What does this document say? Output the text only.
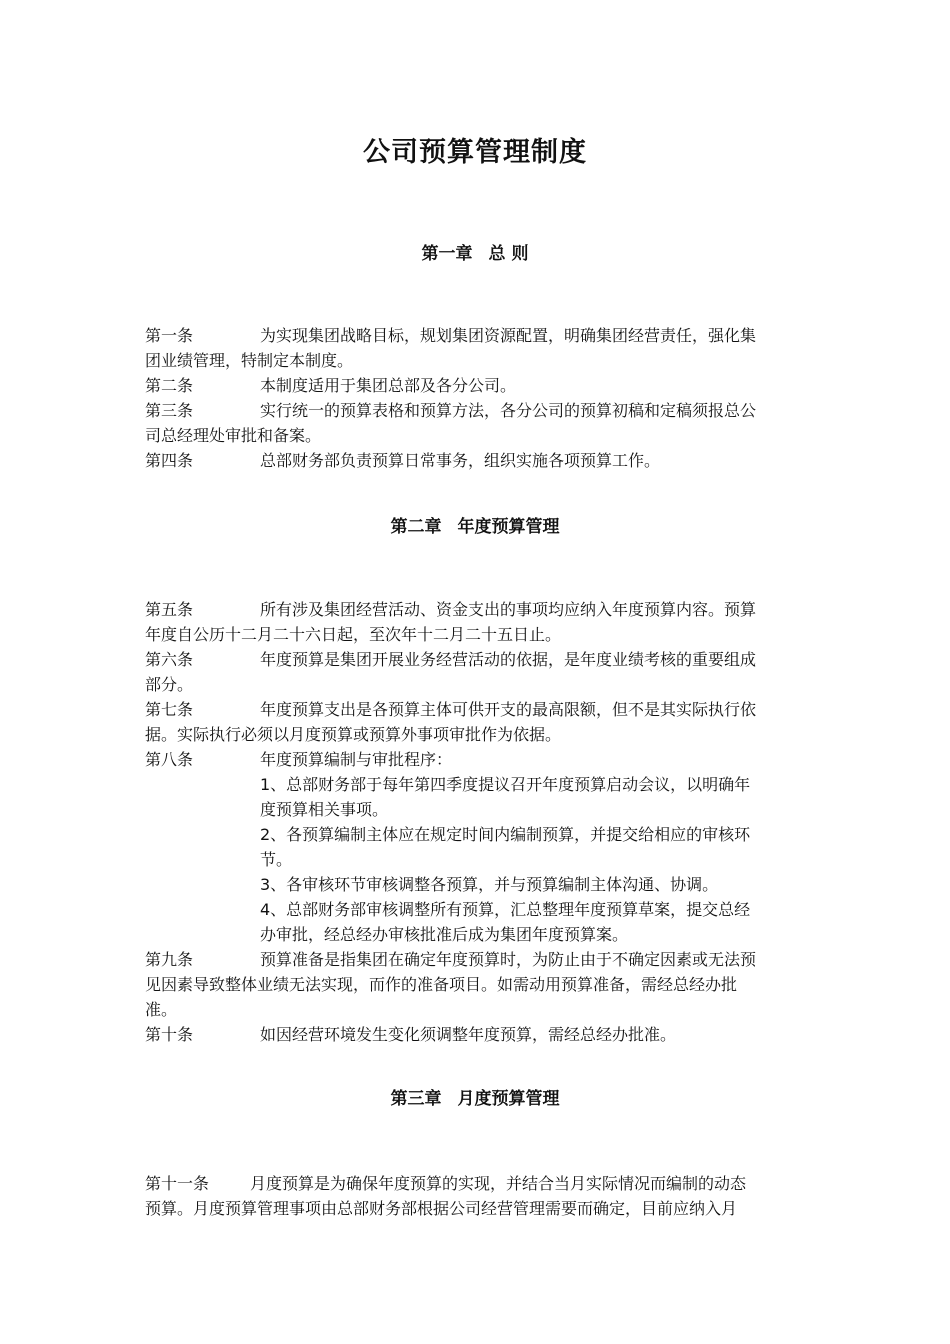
公司预算管理制度
第一章 总 则
第一条	为实现集团战略目标，规划集团资源配置，明确集团经营责任，强化集
团业绩管理，特制定本制度。
第二条	本制度适用于集团总部及各分公司。
第三条	实行统一的预算表格和预算方法，各分公司的预算初稿和定稿须报总公
司总经理处审批和备案。
第四条	总部财务部负责预算日常事务，组织实施各项预算工作。
第二章 年度预算管理
第五条	所有涉及集团经营活动、资金支出的事项均应纳入年度预算内容。预算
年度自公历十二月二十六日起，至次年十二月二十五日止。
第六条	年度预算是集团开展业务经营活动的依据，是年度业绩考核的重要组成
部分。
第七条	年度预算支出是各预算主体可供开支的最高限额，但不是其实际执行依
据。实际执行必须以月度预算或预算外事项审批作为依据。
第八条	年度预算编制与审批程序：
1、总部财务部于每年第四季度提议召开年度预算启动会议，以明确年
度预算相关事项。
2、各预算编制主体应在规定时间内编制预算，并提交给相应的审核环
节。
3、各审核环节审核调整各预算，并与预算编制主体沟通、协调。
4、总部财务部审核调整所有预算，汇总整理年度预算草案，提交总经
办审批，经总经办审核批准后成为集团年度预算案。
第九条	预算准备是指集团在确定年度预算时，为防止由于不确定因素或无法预
见因素导致整体业绩无法实现，而作的准备项目。如需动用预算准备，需经总经办批
准。
第十条	如因经营环境发生变化须调整年度预算，需经总经办批准。
第三章 月度预算管理
第十一条	月度预算是为确保年度预算的实现，并结合当月实际情况而编制的动态
预算。月度预算管理事项由总部财务部根据公司经营管理需要而确定，目前应纳入月
